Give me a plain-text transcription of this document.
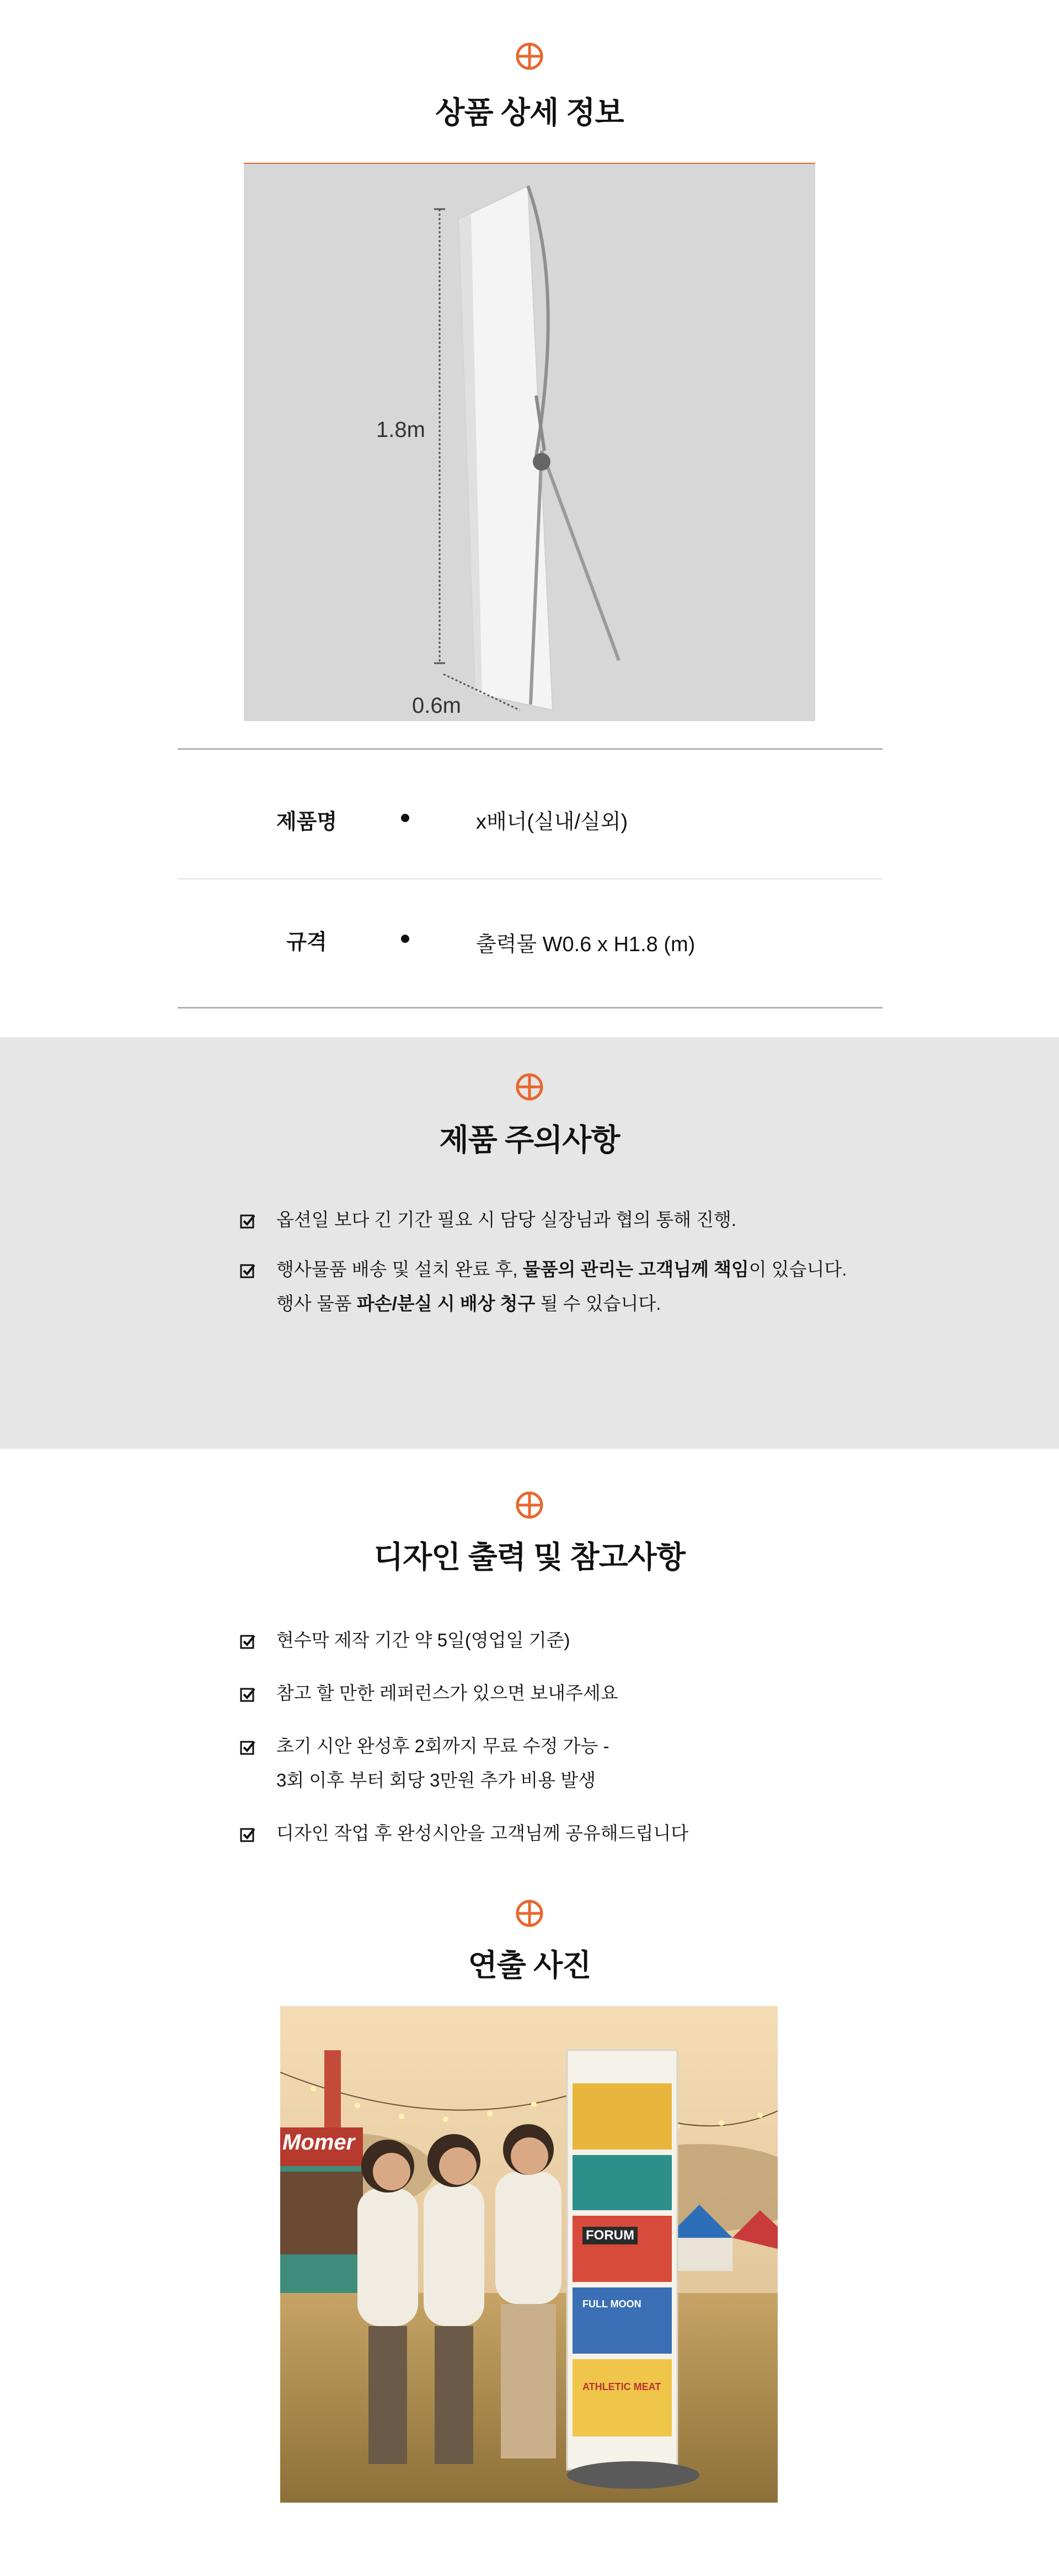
상품 상세 정보
1.8m
0.6m
제품명	x배너(실내/실외)
규격	출력물 W0.6 x H1.8 (m)
제품 주의사항
옵션일 보다 긴 기간 필요 시 담당 실장님과 협의 통해 진행.
행사물품 배송 및 설치 완료 후, 물품의 관리는 고객님께 책임이 있습니다.
행사 물품 파손/분실 시 배상 청구 될 수 있습니다.
디자인 출력 및 참고사항
현수막 제작 기간 약 5일(영업일 기준)
참고 할 만한 레퍼런스가 있으면 보내주세요
초기 시안 완성후 2회까지 무료 수정 가능 -
3회 이후 부터 회당 3만원 추가 비용 발생
디자인 작업 후 완성시안을 고객님께 공유해드립니다
연출 사진
Momer
FORUM
FULL MOON
ATHLETIC MEAT
